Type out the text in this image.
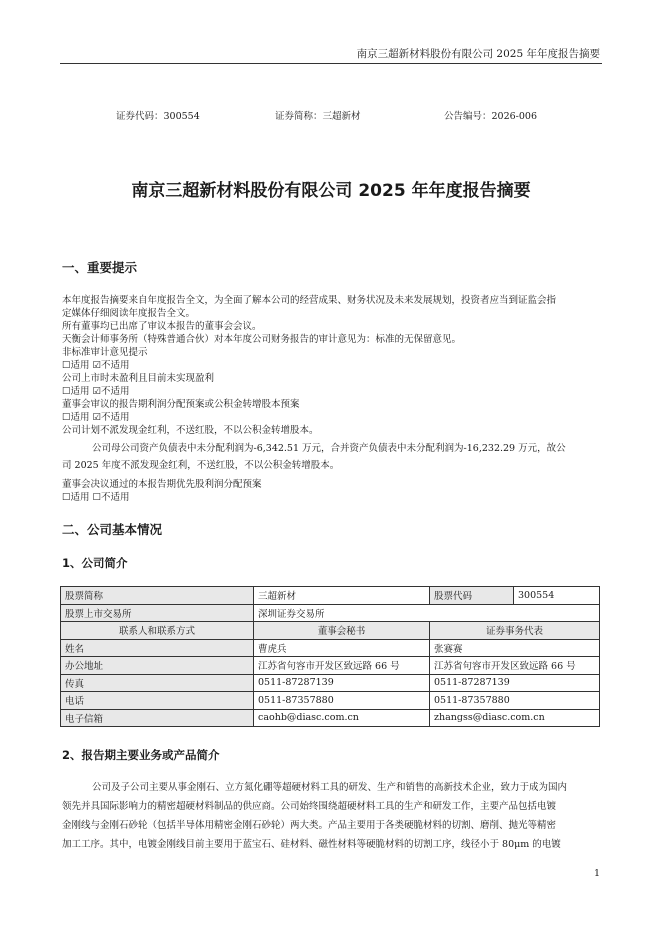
南京三超新材料股份有限公司 2025 年年度报告摘要
证券代码：300554	证券简称：三超新材	公告编号：2026-006
南京三超新材料股份有限公司 2025 年年度报告摘要
一、重要提示
本年度报告摘要来自年度报告全文，为全面了解本公司的经营成果、财务状况及未来发展规划，投资者应当到证监会指
定媒体仔细阅读年度报告全文。
所有董事均已出席了审议本报告的董事会会议。
天衡会计师事务所（特殊普通合伙）对本年度公司财务报告的审计意见为：标准的无保留意见。
非标准审计意见提示
☐适用 ☑不适用
公司上市时未盈利且目前未实现盈利
☐适用 ☑不适用
董事会审议的报告期利润分配预案或公积金转增股本预案
☐适用 ☑不适用
公司计划不派发现金红利，不送红股，不以公积金转增股本。
公司母公司资产负债表中未分配利润为-6,342.51 万元，合并资产负债表中未分配利润为-16,232.29 万元，故公
司 2025 年度不派发现金红利，不送红股，不以公积金转增股本。
董事会决议通过的本报告期优先股利润分配预案
☐适用 ☐不适用
二、公司基本情况
1、公司简介
股票简称	三超新材	股票代码	300554
股票上市交易所	深圳证券交易所		
联系人和联系方式	董事会秘书	证券事务代表	
姓名	曹虎兵	张赛赛	
办公地址	江苏省句容市开发区致远路 66 号	江苏省句容市开发区致远路 66 号	
传真	0511-87287139	0511-87287139	
电话	0511-87357880	0511-87357880	
电子信箱	caohb@diasc.com.cn	zhangss@diasc.com.cn	
2、报告期主要业务或产品简介
公司及子公司主要从事金刚石、立方氮化硼等超硬材料工具的研发、生产和销售的高新技术企业，致力于成为国内
领先并具国际影响力的精密超硬材料制品的供应商。公司始终围绕超硬材料工具的生产和研发工作，主要产品包括电镀
金刚线与金刚石砂轮（包括半导体用精密金刚石砂轮）两大类。产品主要用于各类硬脆材料的切割、磨削、抛光等精密
加工工序。其中，电镀金刚线目前主要用于蓝宝石、硅材料、磁性材料等硬脆材料的切割工序，线径小于 80μm 的电镀
1
